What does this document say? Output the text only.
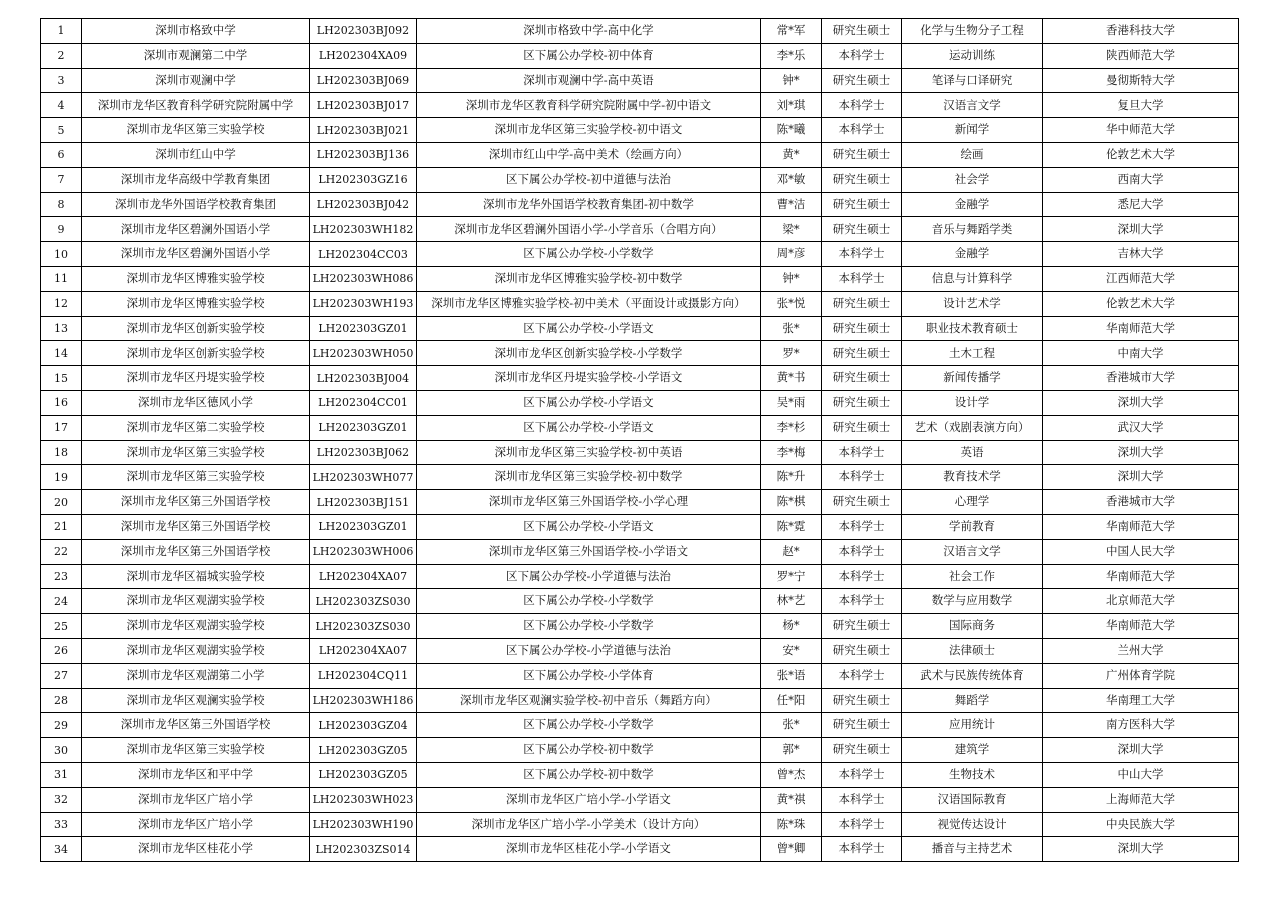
1	深圳市格致中学	LH202303BJ092	深圳市格致中学-高中化学	常*军	研究生硕士	化学与生物分子工程	香港科技大学
2	深圳市观澜第二中学	LH202304XA09	区下属公办学校-初中体育	李*乐	本科学士	运动训练	陕西师范大学
3	深圳市观澜中学	LH202303BJ069	深圳市观澜中学-高中英语	钟*	研究生硕士	笔译与口译研究	曼彻斯特大学
4	深圳市龙华区教育科学研究院附属中学	LH202303BJ017	深圳市龙华区教育科学研究院附属中学-初中语文	刘*琪	本科学士	汉语言文学	复旦大学
5	深圳市龙华区第三实验学校	LH202303BJ021	深圳市龙华区第三实验学校-初中语文	陈*曦	本科学士	新闻学	华中师范大学
6	深圳市红山中学	LH202303BJ136	深圳市红山中学-高中美术（绘画方向）	黄*	研究生硕士	绘画	伦敦艺术大学
7	深圳市龙华高级中学教育集团	LH202303GZ16	区下属公办学校-初中道德与法治	邓*敏	研究生硕士	社会学	西南大学
8	深圳市龙华外国语学校教育集团	LH202303BJ042	深圳市龙华外国语学校教育集团-初中数学	曹*洁	研究生硕士	金融学	悉尼大学
9	深圳市龙华区碧澜外国语小学	LH202303WH182	深圳市龙华区碧澜外国语小学-小学音乐（合唱方向）	梁*	研究生硕士	音乐与舞蹈学类	深圳大学
10	深圳市龙华区碧澜外国语小学	LH202304CC03	区下属公办学校-小学数学	周*彦	本科学士	金融学	吉林大学
11	深圳市龙华区博雅实验学校	LH202303WH086	深圳市龙华区博雅实验学校-初中数学	钟*	本科学士	信息与计算科学	江西师范大学
12	深圳市龙华区博雅实验学校	LH202303WH193	深圳市龙华区博雅实验学校-初中美术（平面设计或摄影方向）	张*悦	研究生硕士	设计艺术学	伦敦艺术大学
13	深圳市龙华区创新实验学校	LH202303GZ01	区下属公办学校-小学语文	张*	研究生硕士	职业技术教育硕士	华南师范大学
14	深圳市龙华区创新实验学校	LH202303WH050	深圳市龙华区创新实验学校-小学数学	罗*	研究生硕士	土木工程	中南大学
15	深圳市龙华区丹堤实验学校	LH202303BJ004	深圳市龙华区丹堤实验学校-小学语文	黄*书	研究生硕士	新闻传播学	香港城市大学
16	深圳市龙华区德风小学	LH202304CC01	区下属公办学校-小学语文	吴*雨	研究生硕士	设计学	深圳大学
17	深圳市龙华区第二实验学校	LH202303GZ01	区下属公办学校-小学语文	李*杉	研究生硕士	艺术（戏剧表演方向）	武汉大学
18	深圳市龙华区第三实验学校	LH202303BJ062	深圳市龙华区第三实验学校-初中英语	李*梅	本科学士	英语	深圳大学
19	深圳市龙华区第三实验学校	LH202303WH077	深圳市龙华区第三实验学校-初中数学	陈*升	本科学士	教育技术学	深圳大学
20	深圳市龙华区第三外国语学校	LH202303BJ151	深圳市龙华区第三外国语学校-小学心理	陈*棋	研究生硕士	心理学	香港城市大学
21	深圳市龙华区第三外国语学校	LH202303GZ01	区下属公办学校-小学语文	陈*霓	本科学士	学前教育	华南师范大学
22	深圳市龙华区第三外国语学校	LH202303WH006	深圳市龙华区第三外国语学校-小学语文	赵*	本科学士	汉语言文学	中国人民大学
23	深圳市龙华区福城实验学校	LH202304XA07	区下属公办学校-小学道德与法治	罗*宁	本科学士	社会工作	华南师范大学
24	深圳市龙华区观湖实验学校	LH202303ZS030	区下属公办学校-小学数学	林*艺	本科学士	数学与应用数学	北京师范大学
25	深圳市龙华区观湖实验学校	LH202303ZS030	区下属公办学校-小学数学	杨*	研究生硕士	国际商务	华南师范大学
26	深圳市龙华区观湖实验学校	LH202304XA07	区下属公办学校-小学道德与法治	安*	研究生硕士	法律硕士	兰州大学
27	深圳市龙华区观湖第二小学	LH202304CQ11	区下属公办学校-小学体育	张*语	本科学士	武术与民族传统体育	广州体育学院
28	深圳市龙华区观澜实验学校	LH202303WH186	深圳市龙华区观澜实验学校-初中音乐（舞蹈方向）	任*阳	研究生硕士	舞蹈学	华南理工大学
29	深圳市龙华区第三外国语学校	LH202303GZ04	区下属公办学校-小学数学	张*	研究生硕士	应用统计	南方医科大学
30	深圳市龙华区第三实验学校	LH202303GZ05	区下属公办学校-初中数学	郭*	研究生硕士	建筑学	深圳大学
31	深圳市龙华区和平中学	LH202303GZ05	区下属公办学校-初中数学	曾*杰	本科学士	生物技术	中山大学
32	深圳市龙华区广培小学	LH202303WH023	深圳市龙华区广培小学-小学语文	黄*祺	本科学士	汉语国际教育	上海师范大学
33	深圳市龙华区广培小学	LH202303WH190	深圳市龙华区广培小学-小学美术（设计方向）	陈*珠	本科学士	视觉传达设计	中央民族大学
34	深圳市龙华区桂花小学	LH202303ZS014	深圳市龙华区桂花小学-小学语文	曾*卿	本科学士	播音与主持艺术	深圳大学
